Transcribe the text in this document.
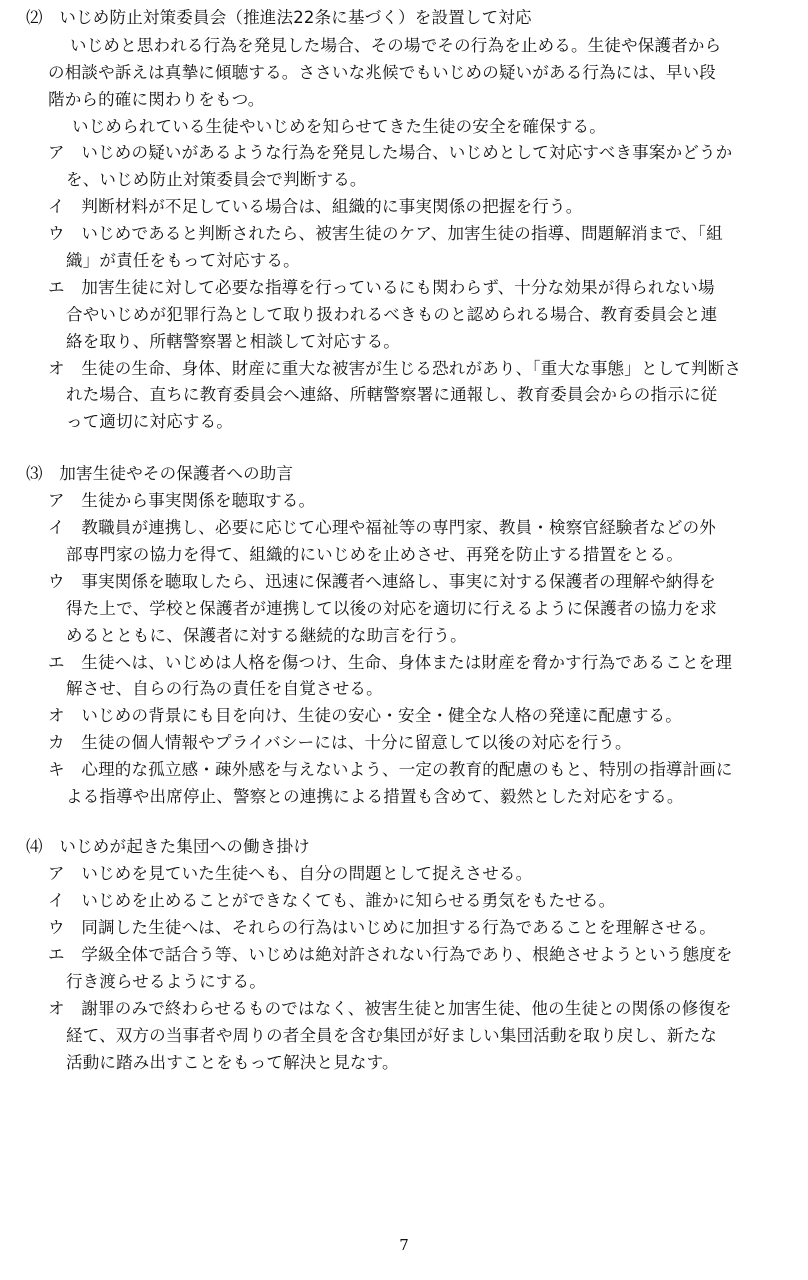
⑵　いじめ防止対策委員会（推進法22条に基づく）を設置して対応
いじめと思われる行為を発見した場合、その場でその行為を止める。生徒や保護者から
の相談や訴えは真摯に傾聴する。ささいな兆候でもいじめの疑いがある行為には、早い段
階から的確に関わりをもつ。
いじめられている生徒やいじめを知らせてきた生徒の安全を確保する。
ア　いじめの疑いがあるような行為を発見した場合、いじめとして対応すべき事案かどうか
を、いじめ防止対策委員会で判断する。
イ　判断材料が不足している場合は、組織的に事実関係の把握を行う。
ウ　いじめであると判断されたら、被害生徒のケア、加害生徒の指導、問題解消まで、「組
織」が責任をもって対応する。
エ　加害生徒に対して必要な指導を行っているにも関わらず、十分な効果が得られない場
合やいじめが犯罪行為として取り扱われるべきものと認められる場合、教育委員会と連
絡を取り、所轄警察署と相談して対応する。
オ　生徒の生命、身体、財産に重大な被害が生じる恐れがあり、「重大な事態」として判断さ
れた場合、直ちに教育委員会へ連絡、所轄警察署に通報し、教育委員会からの指示に従
って適切に対応する。
⑶　加害生徒やその保護者への助言
ア　生徒から事実関係を聴取する。
イ　教職員が連携し、必要に応じて心理や福祉等の専門家、教員・検察官経験者などの外
部専門家の協力を得て、組織的にいじめを止めさせ、再発を防止する措置をとる。
ウ　事実関係を聴取したら、迅速に保護者へ連絡し、事実に対する保護者の理解や納得を
得た上で、学校と保護者が連携して以後の対応を適切に行えるように保護者の協力を求
めるとともに、保護者に対する継続的な助言を行う。
エ　生徒へは、いじめは人格を傷つけ、生命、身体または財産を脅かす行為であることを理
解させ、自らの行為の責任を自覚させる。
オ　いじめの背景にも目を向け、生徒の安心・安全・健全な人格の発達に配慮する。
カ　生徒の個人情報やプライバシーには、十分に留意して以後の対応を行う。
キ　心理的な孤立感・疎外感を与えないよう、一定の教育的配慮のもと、特別の指導計画に
よる指導や出席停止、警察との連携による措置も含めて、毅然とした対応をする。
⑷　いじめが起きた集団への働き掛け
ア　いじめを見ていた生徒へも、自分の問題として捉えさせる。
イ　いじめを止めることができなくても、誰かに知らせる勇気をもたせる。
ウ　同調した生徒へは、それらの行為はいじめに加担する行為であることを理解させる。
エ　学級全体で話合う等、いじめは絶対許されない行為であり、根絶させようという態度を
行き渡らせるようにする。
オ　謝罪のみで終わらせるものではなく、被害生徒と加害生徒、他の生徒との関係の修復を
経て、双方の当事者や周りの者全員を含む集団が好ましい集団活動を取り戻し、新たな
活動に踏み出すことをもって解決と見なす。
7
